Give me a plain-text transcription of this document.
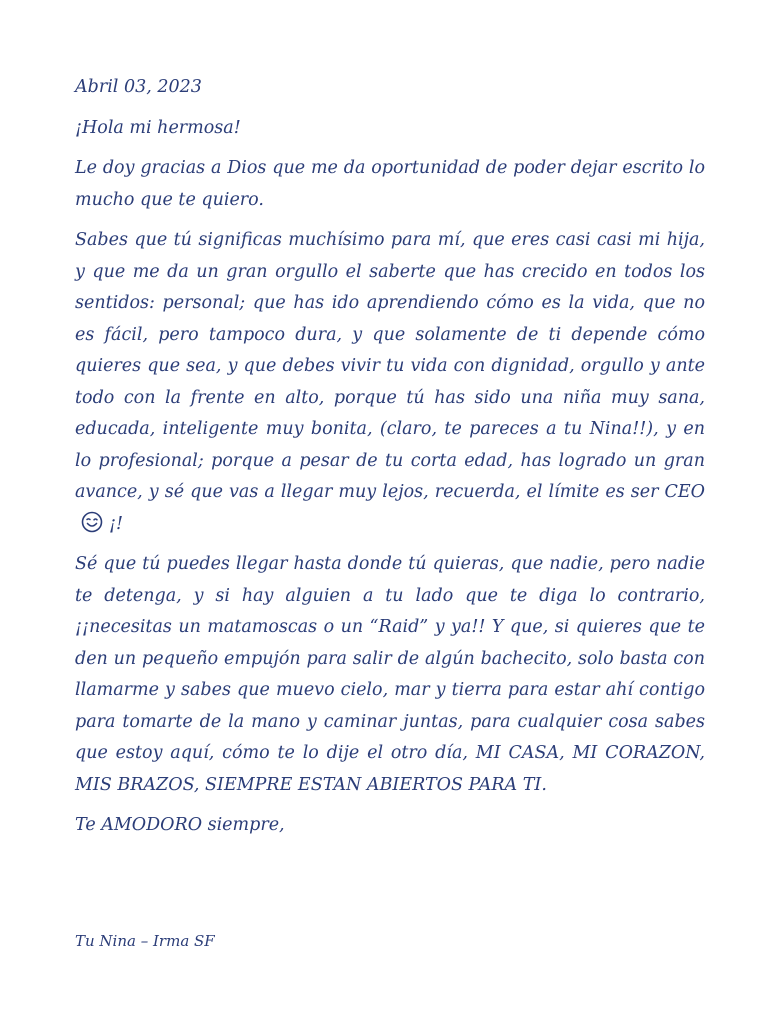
Abril 03, 2023
¡Hola mi hermosa!
Le doy gracias a Dios que me da oportunidad de poder dejar escrito lo mucho que te quiero.
Sabes que tú significas muchísimo para mí, que eres casi casi mi hija, y que me da un gran orgullo el saberte que has crecido en todos los sentidos: personal; que has ido aprendiendo cómo es la vida, que no es fácil, pero tampoco dura, y que solamente de ti depende cómo quieres que sea, y que debes vivir tu vida con dignidad, orgullo y ante todo con la frente en alto, porque tú has sido una niña muy sana, educada, inteligente muy bonita, (claro, te pareces a tu Nina!!), y en lo profesional; porque a pesar de tu corta edad, has logrado un gran avance, y sé que vas a llegar muy lejos, recuerda, el límite es ser CEO¡!
Sé que tú puedes llegar hasta donde tú quieras, que nadie, pero nadie te detenga, y si hay alguien a tu lado que te diga lo contrario, ¡¡necesitas un matamoscas o un “Raid” y ya!! Y que, si quieres que te den un pequeño empujón para salir de algún bachecito, solo basta con llamarme y sabes que muevo cielo, mar y tierra para estar ahí contigo para tomarte de la mano y caminar juntas, para cualquier cosa sabes que estoy aquí, cómo te lo dije el otro día, MI CASA, MI CORAZON, MIS BRAZOS, SIEMPRE ESTAN ABIERTOS PARA TI.
Te AMODORO siempre,
Tu Nina – Irma SF
